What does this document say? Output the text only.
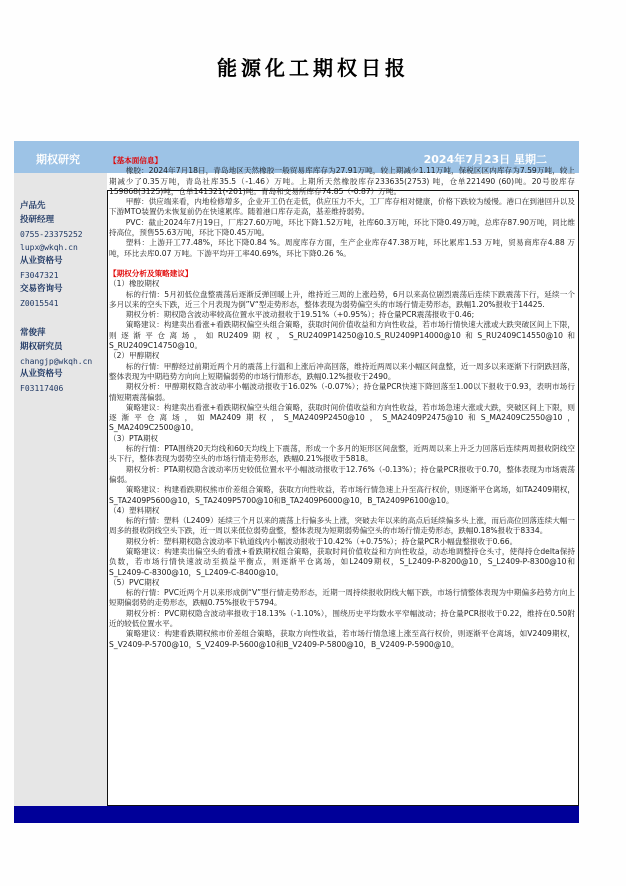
能源化工期权日报
期权研究	2024年7月23日 星期二
卢品先
投研经理
0755-23375252
lupx@wkqh.cn
从业资格号
F3047321
交易咨询号
Z0015541
常俊萍
期权研究员
changjp@wkqh.cn
从业资格号
F03117406

【基本面信息】

橡胶：2024年7月18日，青岛地区天然橡胶一般贸易库库存为27.91万吨，较上期减少1.11万吨，保税区区内库存为7.59万吨，较上期减少了0.35万吨，青岛社库35.5（-1.46）万吨。上期所天然橡胶库存233635(2753) 吨，仓单221490 (60)吨。20号胶库存159868(3125)吨，仓单141321(-201)吨。青岛和交易所库存74.85（-0.87）万吨。

甲醇：供应端来看，内地检修增多，企业开工仍在走低，供应压力不大，工厂库存相对健康，价格下跌较为缓慢。港口在到港回升以及下游MTO装置仍未恢复前仍在快速累库。随着港口库存走高，基差维持弱势。

PVC：截止2024年7月19日，厂库27.60万吨，环比下降1.52万吨，社库60.3万吨，环比下降0.49万吨，总库存87.90万吨，同比维持高位，预售55.63万吨，环比下降0.45万吨。

塑料：上游开工77.48%，环比下降0.84 %。周度库存方面，生产企业库存47.38万吨，环比累库1.53 万吨，贸易商库存4.88 万吨，环比去库0.07 万吨。下游平均开工率40.69%，环比下降0.26 %。

【期权分析及策略建议】

（1）橡胶期权

标的行情：5月初低位盘整震荡后逐渐反弹回暖上升，维持近三周的上涨趋势，6月以来高位剧烈震荡后连续下跌震荡下行，延续一个多月以来的空头下跌，近三个月表现为倒”V“型走势形态，整体表现为弱势偏空头的市场行情走势形态，跌幅1.20%报收于14425.

期权分析：期权隐含波动率较高位置水平波动报收于19.51%（+0.95%）；持仓量PCR震荡报收于0.46;

策略建议：构建卖出看涨+看跌期权偏空头组合策略，获取时间价值收益和方向性收益，若市场行情快速大涨或大跌突破区间上下限，则逐渐平仓离场，如RU2409期权，S_RU2409P14250@10.S_RU2409P14000@10和S_RU2409C14550@10和S_RU2409C14750@10。

（2）甲醇期权

标的行情：甲醇经过前期近两个月的震荡上行温和上涨后冲高回落，维持近两周以来小幅区间盘整，近一周多以来逐渐下行阴跌回落，整体表现为中期趋势方向向上短期偏弱势的市场行情形态，跌幅0.12%报收于2490。

期权分析：甲醇期权隐含波动率小幅波动报收于16.02%（-0.07%）；持仓量PCR快速下降回落至1.00以下报收于0.93，表明市场行情短期震荡偏弱。

策略建议：构建卖出看涨+看跌期权偏空头组合策略，获取时间价值收益和方向性收益，若市场急速大涨或大跌，突破区间上下限，则逐渐平仓离场，如MA2409期权，S_MA2409P2450@10，S_MA2409P2475@10和S_MA2409C2550@10，S_MA2409C2500@10。

（3）PTA期权

标的行情：PTA围绕20天均线和60天均线上下震荡，形成一个多月的矩形区间盘整，近两周以来上升乏力回落后连续两周报收阴线空头下行，整体表现为弱势空头的市场行情走势形态，跌幅0.21%报收于5818。

期权分析：PTA期权隐含波动率历史较低位置水平小幅波动报收于12.76%（-0.13%）；持仓量PCR报收于0.70，整体表现为市场震荡偏弱。

策略建议：构建看跌期权熊市价差组合策略，获取方向性收益，若市场行情急速上升至高行权价，则逐渐平仓离场，如TA2409期权，S_TA2409P5600@10，S_TA2409P5700@10和B_TA2409P6000@10，B_TA2409P6100@10。

（4）塑料期权

标的行情：塑料（L2409）延续三个月以来的震荡上行偏多头上涨，突破去年以来的高点后延续偏多头上涨，而后高位回落连续大幅一周多的报收阴线空头下跌，近一周以来低位弱势盘整，整体表现为短期弱势偏空头的市场行情走势形态，跌幅0.18%报收于8334。

期权分析：塑料期权隐含波动率下轨道线内小幅波动报收于10.42%（+0.75%）；持仓量PCR小幅盘整报收于0.66。

策略建议：构建卖出偏空头的看涨+看跌期权组合策略，获取时间价值收益和方向性收益，动态地调整持仓头寸，使得持仓delta保持负数，若市场行情快速波动至损益平衡点，则逐渐平仓离场，如L2409期权，S_L2409-P-8200@10，S_L2409-P-8300@10和S_L2409-C-8300@10，S_L2409-C-8400@10。

（5）PVC期权

标的行情：PVC近两个月以来形成倒“V”型行情走势形态，近期一周持续报收阴线大幅下跌，市场行情整体表现为中期偏多趋势方向上短期偏弱势的走势形态，跌幅0.75%报收于5794。

期权分析：PVC期权隐含波动率报收于18.13%（-1.10%），围绕历史平均数水平窄幅波动；持仓量PCR报收于0.22，维持在0.50附近的较低位置水平。

策略建议：构建看跌期权熊市价差组合策略，获取方向性收益，若市场行情急速上涨至高行权价，则逐渐平仓离场，如V2409期权，S_V2409-P-5700@10，S_V2409-P-5600@10和B_V2409-P-5800@10，B_V2409-P-5900@10。
